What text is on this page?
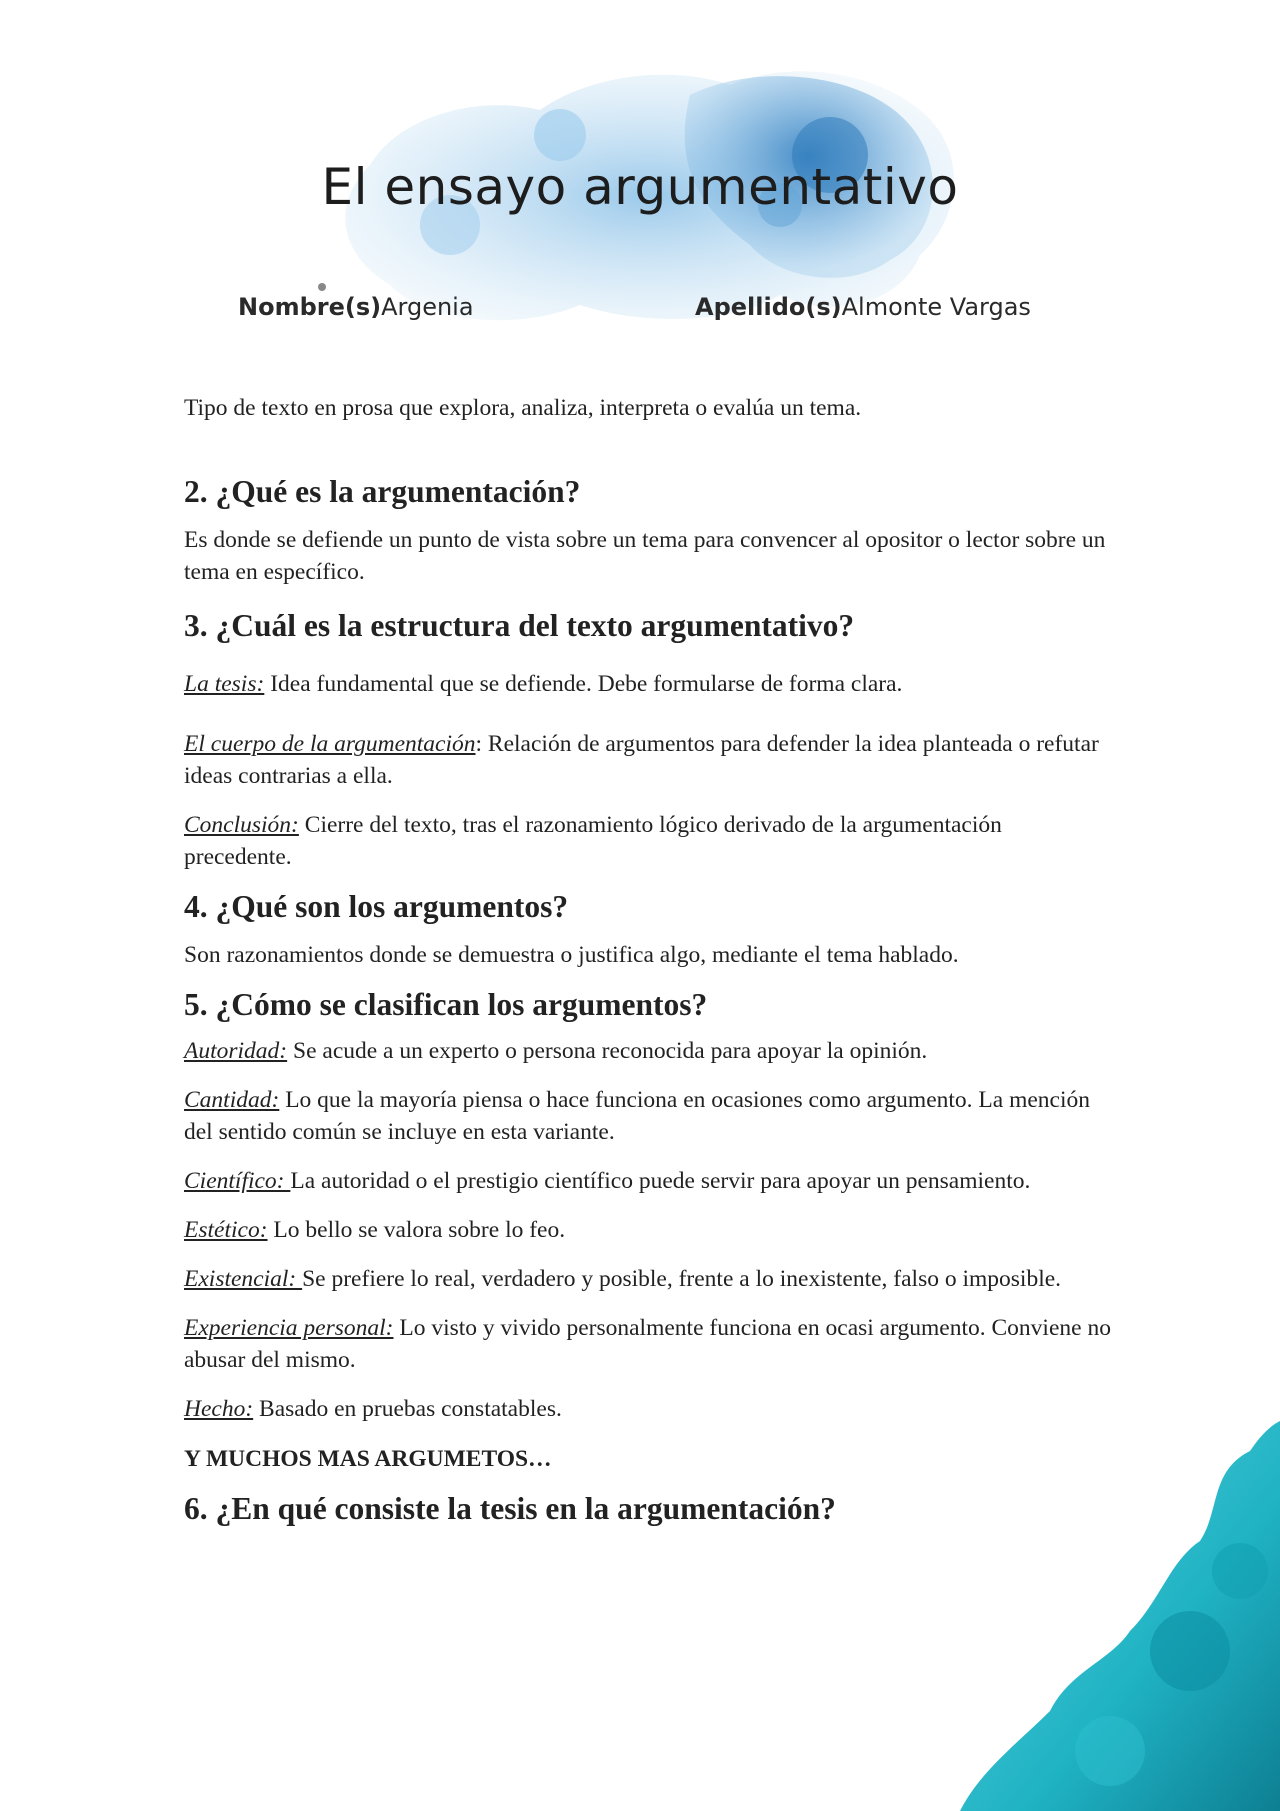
El ensayo argumentativo
Nombre(s)Argenia	Apellido(s)Almonte Vargas

Tipo de texto en prosa que explora, analiza, interpreta o evalúa un tema.

2. ¿Qué es la argumentación?

Es donde se defiende un punto de vista sobre un tema para convencer al opositor o lector sobre un tema en específico.

3. ¿Cuál es la estructura del texto argumentativo?

La tesis: Idea fundamental que se defiende. Debe formularse de forma clara.

El cuerpo de la argumentación: Relación de argumentos para defender la idea planteada o refutar ideas contrarias a ella.

Conclusión: Cierre del texto, tras el razonamiento lógico derivado de la argumentación precedente.

4. ¿Qué son los argumentos?

Son razonamientos donde se demuestra o justifica algo, mediante el tema hablado.

5. ¿Cómo se clasifican los argumentos?

Autoridad: Se acude a un experto o persona reconocida para apoyar la opinión.

Cantidad: Lo que la mayoría piensa o hace funciona en ocasiones como argumento. La mención del sentido común se incluye en esta variante.

Científico: La autoridad o el prestigio científico puede servir para apoyar un pensamiento.

Estético: Lo bello se valora sobre lo feo.

Existencial: Se prefiere lo real, verdadero y posible, frente a lo inexistente, falso o imposible.

Experiencia personal: Lo visto y vivido personalmente funciona en ocasi argumento. Conviene no abusar del mismo.

Hecho: Basado en pruebas constatables.

Y MUCHOS MAS ARGUMETOS…

6. ¿En qué consiste la tesis en la argumentación?
